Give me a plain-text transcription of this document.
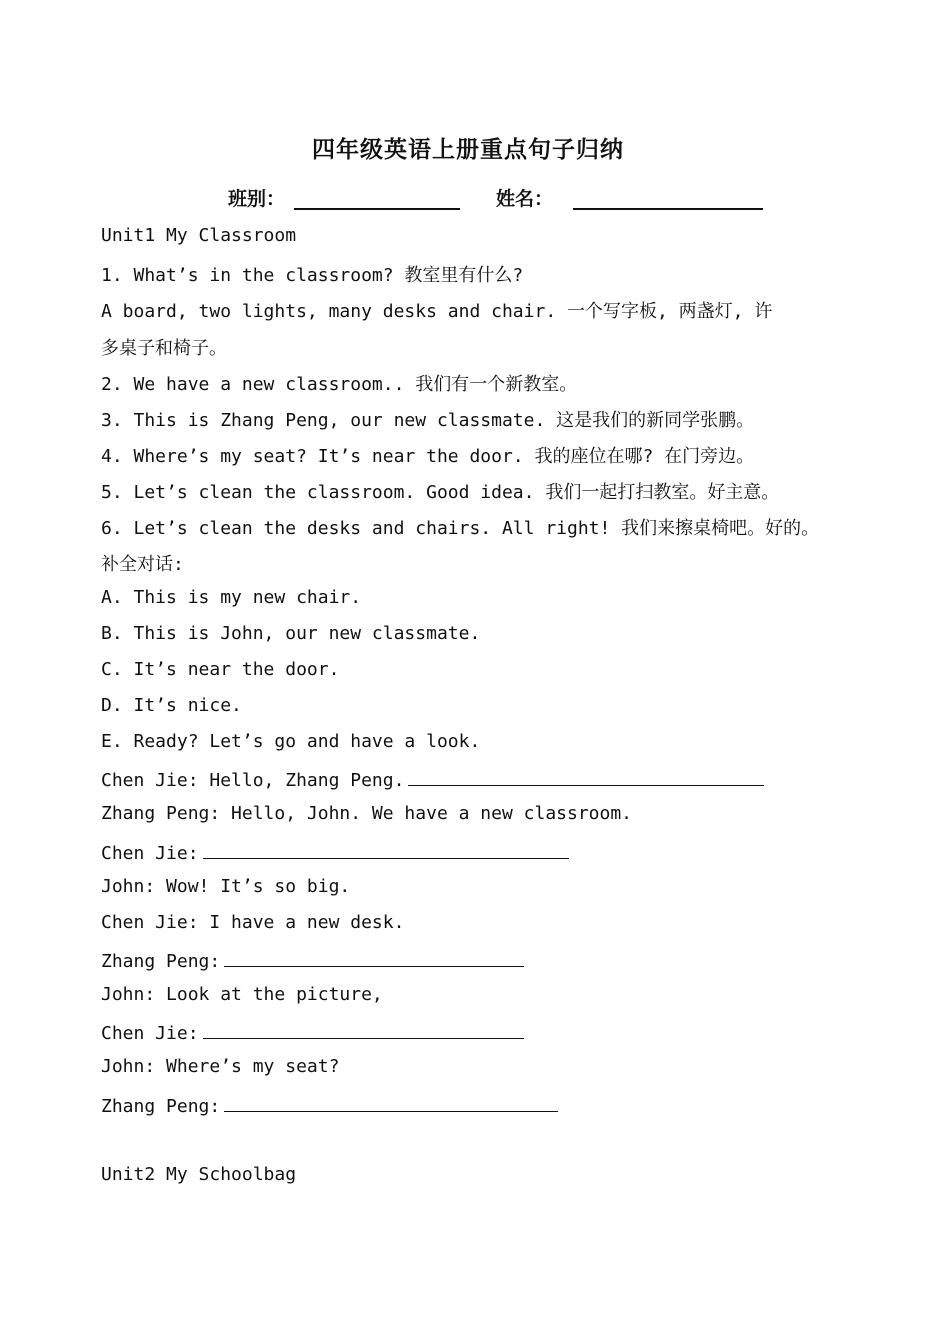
四年级英语上册重点句子归纳
班别：	姓名：
Unit1 My Classroom
1. What’s in the classroom? 教室里有什么?
A board, two lights, many desks and chair. 一个写字板, 两盏灯, 许
多桌子和椅子。
2. We have a new classroom.. 我们有一个新教室。
3. This is Zhang Peng, our new classmate. 这是我们的新同学张鹏。
4. Where’s my seat? It’s near the door. 我的座位在哪? 在门旁边。
5. Let’s clean the classroom. Good idea. 我们一起打扫教室。好主意。
6. Let’s clean the desks and chairs. All right! 我们来擦桌椅吧。好的。
补全对话:
A. This is my new chair.
B. This is John, our new classmate.
C. It’s near the door.
D. It’s nice.
E. Ready? Let’s go and have a look.
Chen Jie: Hello, Zhang Peng.
Zhang Peng: Hello, John. We have a new classroom.
Chen Jie:
John: Wow! It’s so big.
Chen Jie: I have a new desk.
Zhang Peng:
John: Look at the picture,
Chen Jie:
John: Where’s my seat?
Zhang Peng:
Unit2 My Schoolbag
